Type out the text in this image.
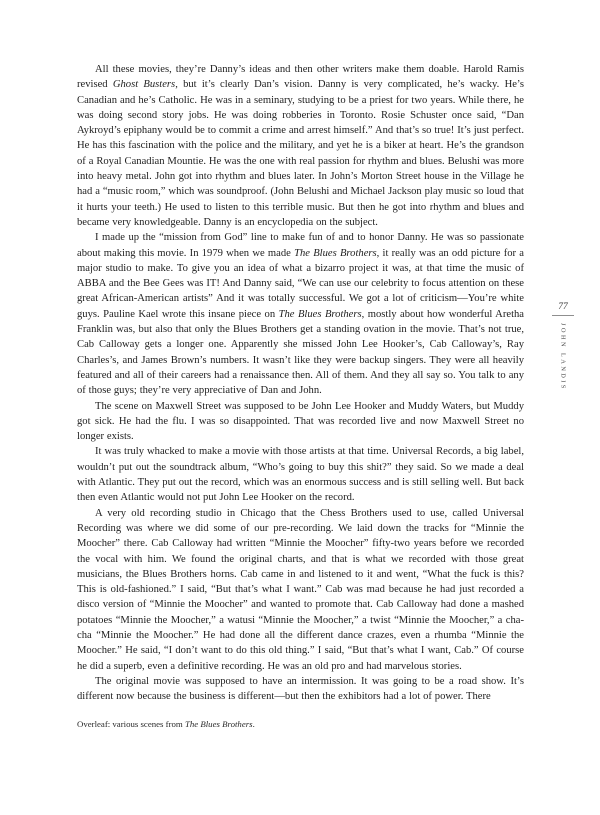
All these movies, they’re Danny’s ideas and then other writers make them doable. Harold Ramis revised Ghost Busters, but it’s clearly Dan’s vision. Danny is very complicated, he’s wacky. He’s Canadian and he’s Catholic. He was in a seminary, studying to be a priest for two years. While there, he was doing second story jobs. He was doing robberies in Toronto. Rosie Schuster once said, “Dan Aykroyd’s epiphany would be to commit a crime and arrest himself.” And that’s so true! It’s just perfect. He has this fascination with the police and the military, and yet he is a biker at heart. He’s the grandson of a Royal Canadian Mountie. He was the one with real passion for rhythm and blues. Belushi was more into heavy metal. John got into rhythm and blues later. In John’s Morton Street house in the Village he had a “music room,” which was soundproof. (John Belushi and Michael Jackson play music so loud that it hurts your teeth.) He used to listen to this terrible music. But then he got into rhythm and blues and became very knowledgeable. Danny is an encyclopedia on the subject.

I made up the “mission from God” line to make fun of and to honor Danny. He was so passionate about making this movie. In 1979 when we made The Blues Brothers, it really was an odd picture for a major studio to make. To give you an idea of what a bizarro project it was, at that time the music of ABBA and the Bee Gees was IT! And Danny said, “We can use our celebrity to focus attention on these great African-American artists” And it was totally successful. We got a lot of criticism—You’re white guys. Pauline Kael wrote this insane piece on The Blues Brothers, mostly about how wonderful Aretha Franklin was, but also that only the Blues Brothers get a standing ovation in the movie. That’s not true, Cab Calloway gets a longer one. Apparently she missed John Lee Hooker’s, Cab Calloway’s, Ray Charles’s, and James Brown’s numbers. It wasn’t like they were backup singers. They were all heavily featured and all of their careers had a renaissance then. All of them. And they all say so. You talk to any of those guys; they’re very appreciative of Dan and John.

The scene on Maxwell Street was supposed to be John Lee Hooker and Muddy Waters, but Muddy got sick. He had the flu. I was so disappointed. That was recorded live and now Maxwell Street no longer exists.

It was truly whacked to make a movie with those artists at that time. Universal Records, a big label, wouldn’t put out the soundtrack album, “Who’s going to buy this shit?” they said. So we made a deal with Atlantic. They put out the record, which was an enormous success and is still selling well. But back then even Atlantic would not put John Lee Hooker on the record.

A very old recording studio in Chicago that the Chess Brothers used to use, called Universal Recording was where we did some of our pre-recording. We laid down the tracks for “Minnie the Moocher” there. Cab Calloway had written “Minnie the Moocher” fifty-two years before we recorded the vocal with him. We found the original charts, and that is what we recorded with those great musicians, the Blues Brothers horns. Cab came in and listened to it and went, “What the fuck is this? This is old-fashioned.” I said, “But that’s what I want.” Cab was mad because he had just recorded a disco version of “Minnie the Moocher” and wanted to promote that. Cab Calloway had done a mashed potatoes “Minnie the Moocher,” a watusi “Minnie the Moocher,” a twist “Minnie the Moocher,” a cha-cha “Minnie the Moocher.” He had done all the different dance crazes, even a rhumba “Minnie the Moocher.” He said, “I don’t want to do this old thing.” I said, “But that’s what I want, Cab.” Of course he did a superb, even a definitive recording. He was an old pro and had marvelous stories.

The original movie was supposed to have an intermission. It was going to be a road show. It’s different now because the business is different—but then the exhibitors had a lot of power. There

Overleaf: various scenes from The Blues Brothers.
77
JOHN LANDIS
